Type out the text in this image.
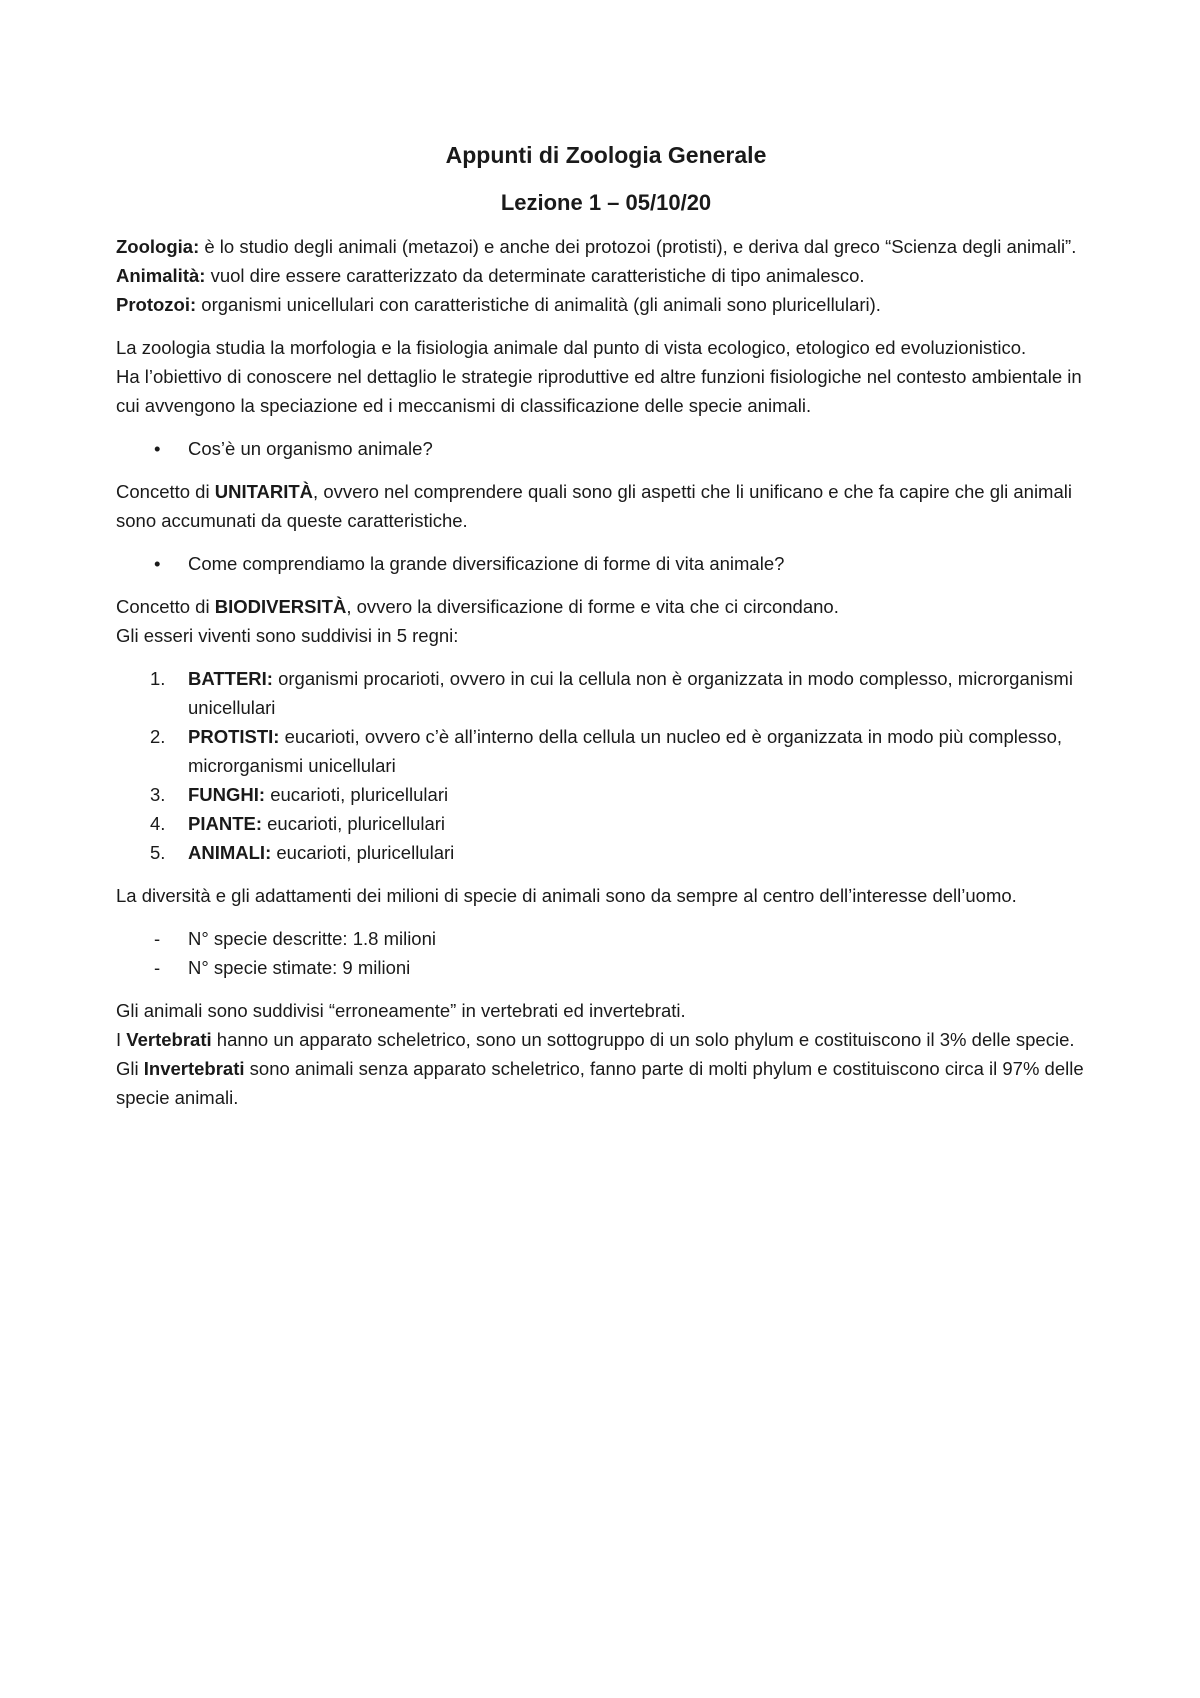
Appunti di Zoologia Generale
Lezione 1 – 05/10/20

Zoologia: è lo studio degli animali (metazoi) e anche dei protozoi (protisti), e deriva dal greco “Scienza degli animali”.
Animalità: vuol dire essere caratterizzato da determinate caratteristiche di tipo animalesco.
Protozoi: organismi unicellulari con caratteristiche di animalità (gli animali sono pluricellulari).

La zoologia studia la morfologia e la fisiologia animale dal punto di vista ecologico, etologico ed evoluzionistico.
Ha l’obiettivo di conoscere nel dettaglio le strategie riproduttive ed altre funzioni fisiologiche nel contesto ambientale in cui avvengono la speciazione ed i meccanismi di classificazione delle specie animali.

• Cos’è un organismo animale?

Concetto di UNITARITÀ, ovvero nel comprendere quali sono gli aspetti che li unificano e che fa capire che gli animali sono accumunati da queste caratteristiche.

• Come comprendiamo la grande diversificazione di forme di vita animale?

Concetto di BIODIVERSITÀ, ovvero la diversificazione di forme e vita che ci circondano.
Gli esseri viventi sono suddivisi in 5 regni:

1. BATTERI: organismi procarioti, ovvero in cui la cellula non è organizzata in modo complesso, microrganismi unicellulari
2. PROTISTI: eucarioti, ovvero c’è all’interno della cellula un nucleo ed è organizzata in modo più complesso, microrganismi unicellulari
3. FUNGHI: eucarioti, pluricellulari
4. PIANTE: eucarioti, pluricellulari
5. ANIMALI: eucarioti, pluricellulari

La diversità e gli adattamenti dei milioni di specie di animali sono da sempre al centro dell’interesse dell’uomo.

- N° specie descritte: 1.8 milioni
- N° specie stimate: 9 milioni

Gli animali sono suddivisi “erroneamente” in vertebrati ed invertebrati.
I Vertebrati hanno un apparato scheletrico, sono un sottogruppo di un solo phylum e costituiscono il 3% delle specie.
Gli Invertebrati sono animali senza apparato scheletrico, fanno parte di molti phylum e costituiscono circa il 97% delle specie animali.
